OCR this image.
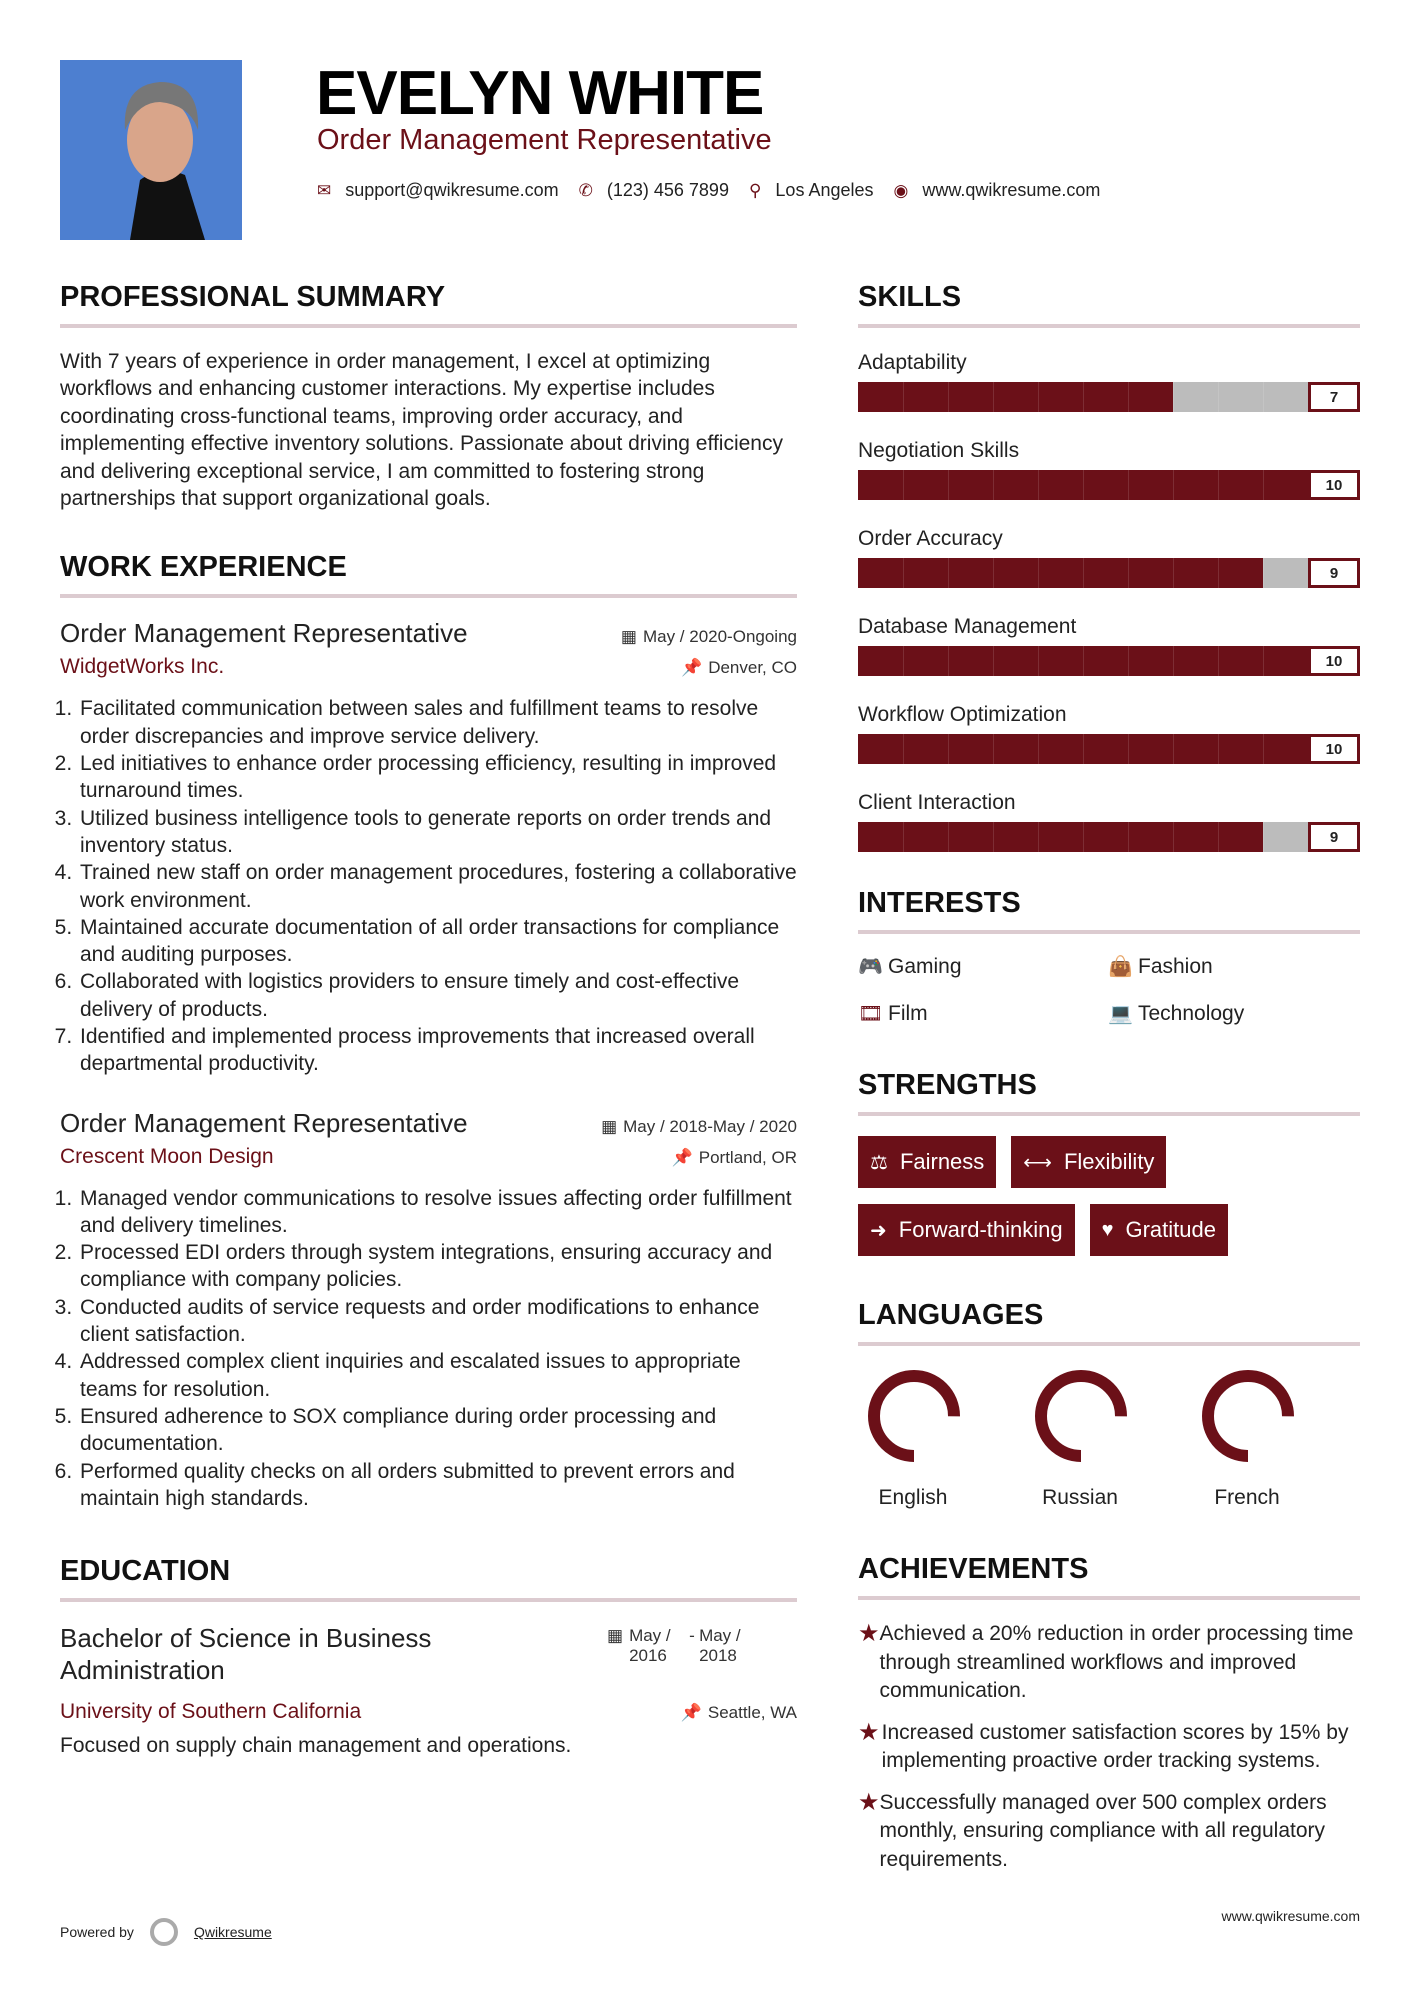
EVELYN WHITE
Order Management Representative
✉ support@qwikresume.com ✆ (123) 456 7899 ⚲ Los Angeles ◉ www.qwikresume.com
PROFESSIONAL SUMMARY

With 7 years of experience in order management, I excel at optimizing workflows and enhancing customer interactions. My expertise includes coordinating cross-functional teams, improving order accuracy, and implementing effective inventory solutions. Passionate about driving efficiency and delivering exceptional service, I am committed to fostering strong partnerships that support organizational goals.

WORK EXPERIENCE
Order Management Representative	▦ May / 2020-Ongoing
WidgetWorks Inc.	📌 Denver, CO
1. Facilitated communication between sales and fulfillment teams to resolve order discrepancies and improve service delivery.
2. Led initiatives to enhance order processing efficiency, resulting in improved turnaround times.
3. Utilized business intelligence tools to generate reports on order trends and inventory status.
4. Trained new staff on order management procedures, fostering a collaborative work environment.
5. Maintained accurate documentation of all order transactions for compliance and auditing purposes.
6. Collaborated with logistics providers to ensure timely and cost-effective delivery of products.
7. Identified and implemented process improvements that increased overall departmental productivity.
Order Management Representative	▦ May / 2018-May / 2020
Crescent Moon Design	📌 Portland, OR
1. Managed vendor communications to resolve issues affecting order fulfillment and delivery timelines.
2. Processed EDI orders through system integrations, ensuring accuracy and compliance with company policies.
3. Conducted audits of service requests and order modifications to enhance client satisfaction.
4. Addressed complex client inquiries and escalated issues to appropriate teams for resolution.
5. Ensured adherence to SOX compliance during order processing and documentation.
6. Performed quality checks on all orders submitted to prevent errors and maintain high standards.
EDUCATION
Bachelor of Science in Business Administration
▦ May / 2016
- May / 2018
University of Southern California	📌 Seattle, WA

Focused on supply chain management and operations.

SKILLS
Adaptability
7
Negotiation Skills
10
Order Accuracy
9
Database Management
10
Workflow Optimization
10
Client Interaction
9
INTERESTS
🎮 Gaming	👜 Fashion
🎞 Film	💻 Technology
STRENGTHS
⚖ Fairness ⟷ Flexibility
➜ Forward-thinking ♥ Gratitude
LANGUAGES
English	Russian	French
ACHIEVEMENTS
★ Achieved a 20% reduction in order processing time through streamlined workflows and improved communication.
★ Increased customer satisfaction scores by 15% by implementing proactive order tracking systems.
★ Successfully managed over 500 complex orders monthly, ensuring compliance with all regulatory requirements.
Powered by	Qwikresume
www.qwikresume.com
